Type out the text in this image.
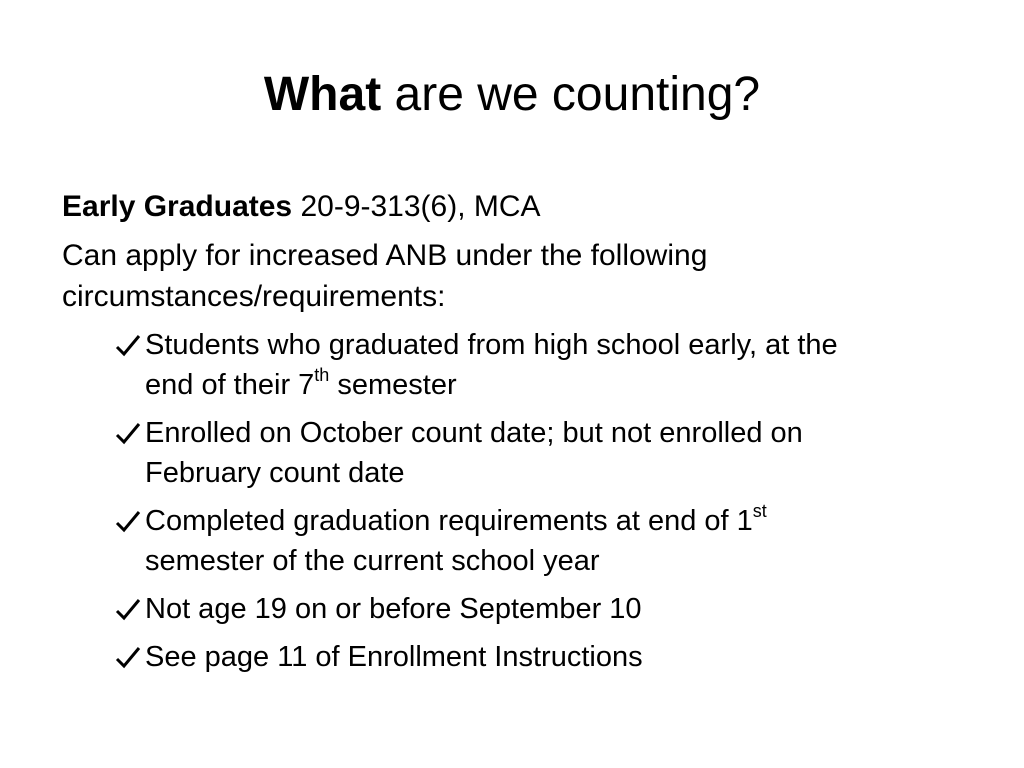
What are we counting?
Early Graduates 20-9-313(6), MCA
Can apply for increased ANB under the following
circumstances/requirements:
Students who graduated from high school early, at the
end of their 7th semester
Enrolled on October count date; but not enrolled on
February count date
Completed graduation requirements at end of 1st
semester of the current school year
Not age 19 on or before September 10
See page 11 of Enrollment Instructions
